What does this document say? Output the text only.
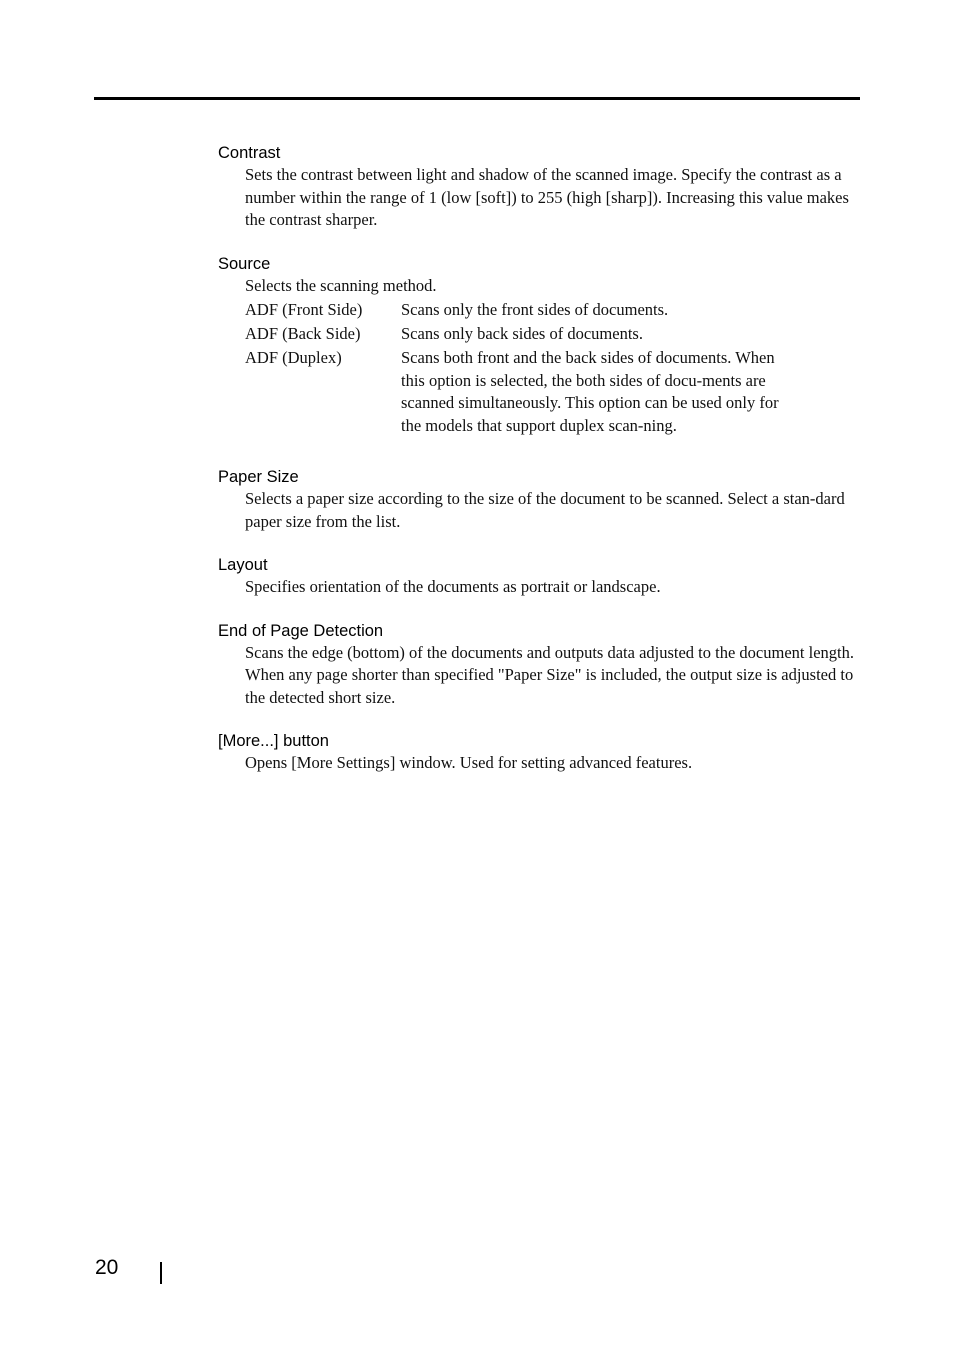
Contrast

Sets the contrast between light and shadow of the scanned image. Specify the contrast as a number within the range of 1 (low [soft]) to 255 (high [sharp]). Increasing this value makes the contrast sharper.

Source

Selects the scanning method.

ADF (Front Side)	Scans only the front sides of documents.
ADF (Back Side)	Scans only back sides of documents.
ADF (Duplex)	Scans both front and the back sides of documents. When this option is selected, the both sides of docu-ments are scanned simultaneously. This option can be used only for the models that support duplex scan-ning.

Paper Size

Selects a paper size according to the size of the document to be scanned. Select a stan-dard paper size from the list.

Layout

Specifies orientation of the documents as portrait or landscape.

End of Page Detection

Scans the edge (bottom) of the documents and outputs data adjusted to the document length. When any page shorter than specified "Paper Size" is included, the output size is adjusted to the detected short size.

[More...] button

Opens [More Settings] window. Used for setting advanced features.

20
